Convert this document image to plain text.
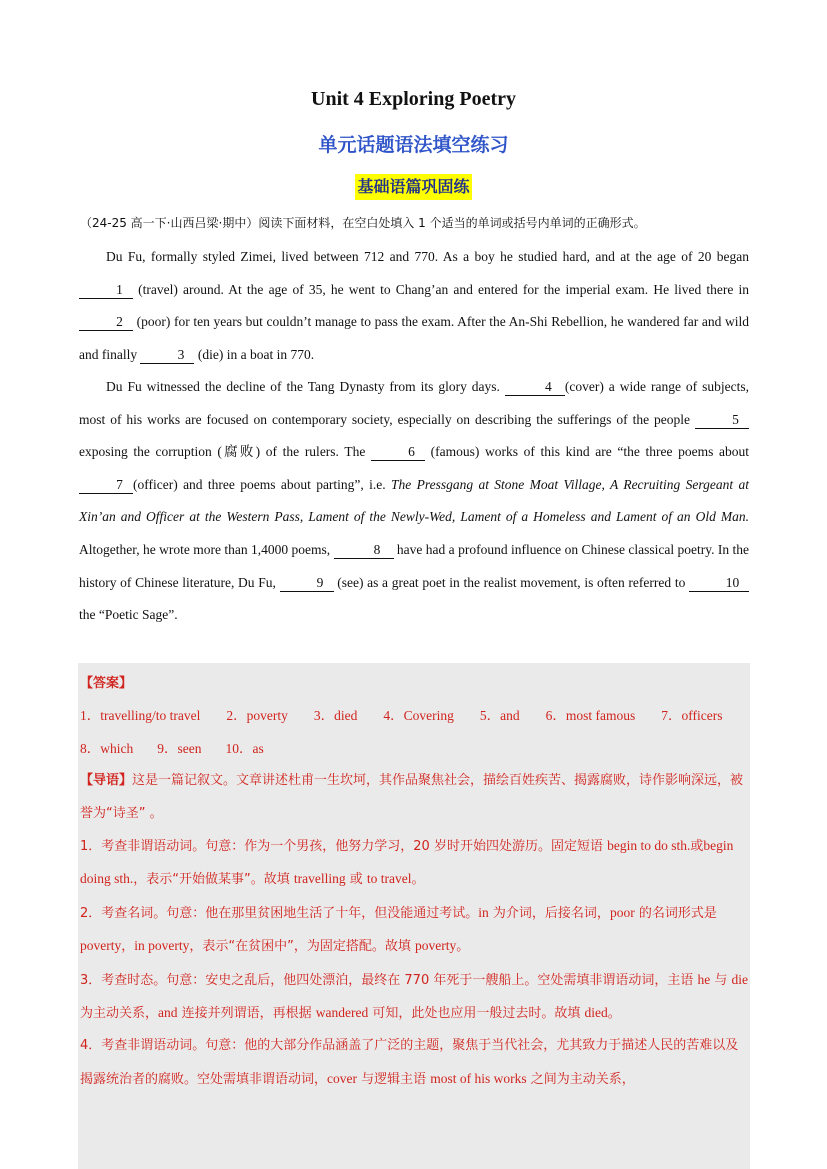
Unit 4 Exploring Poetry
单元话题语法填空练习
基础语篇巩固练
（24-25 高一下·山西吕梁·期中）阅读下面材料，在空白处填入 1 个适当的单词或括号内单词的正确形式。

Du Fu, formally styled Zimei, lived between 712 and 770. As a boy he studied hard, and at the age of 20 began 1 (travel) around. At the age of 35, he went to Chang’an and entered for the imperial exam. He lived there in 2 (poor) for ten years but couldn’t manage to pass the exam. After the An-Shi Rebellion, he wandered far and wild and finally	3 (die) in a boat in 770.

Du Fu witnessed the decline of the Tang Dynasty from its glory days.	4 (cover) a wide range of subjects, most of his works are focused on contemporary society, especially on describing the sufferings of the people	5 exposing the corruption (腐败) of the rulers. The	6 (famous) works of this kind are “the three poems about 7 (officer) and three poems about parting”, i.e. The Pressgang at Stone Moat Village, A Recruiting Sergeant at Xin’an and Officer at the Western Pass, Lament of the Newly-Wed, Lament of a Homeless and Lament of an Old Man. Altogether, he wrote more than 1,4000 poems,	8 have had a profound influence on Chinese classical poetry. In the history of Chinese literature, Du Fu,	9 (see) as a great poet in the realist movement, is often referred to	10 the “Poetic Sage”.

【答案】
1．travelling/to travel 2．poverty 3．died 4．Covering 5．and 6．most famous 7．officers
8．which 9．seen 10．as
【导语】这是一篇记叙文。文章讲述杜甫一生坎坷，其作品聚焦社会，描绘百姓疾苦、揭露腐败，诗作影响深远，被誉为“诗圣” 。
1．考查非谓语动词。句意：作为一个男孩，他努力学习，20 岁时开始四处游历。固定短语 begin to do sth.或begin doing sth.，表示“开始做某事”。故填 travelling 或 to travel。
2．考查名词。句意：他在那里贫困地生活了十年，但没能通过考试。in 为介词，后接名词，poor 的名词形式是 poverty，in poverty，表示“在贫困中”，为固定搭配。故填 poverty。
3．考查时态。句意：安史之乱后，他四处漂泊，最终在 770 年死于一艘船上。空处需填非谓语动词，主语 he 与 die 为主动关系，and 连接并列谓语，再根据 wandered 可知，此处也应用一般过去时。故填 died。
4．考查非谓语动词。句意：他的大部分作品涵盖了广泛的主题，聚焦于当代社会，尤其致力于描述人民的苦难以及揭露统治者的腐败。空处需填非谓语动词，cover 与逻辑主语 most of his works 之间为主动关系，
